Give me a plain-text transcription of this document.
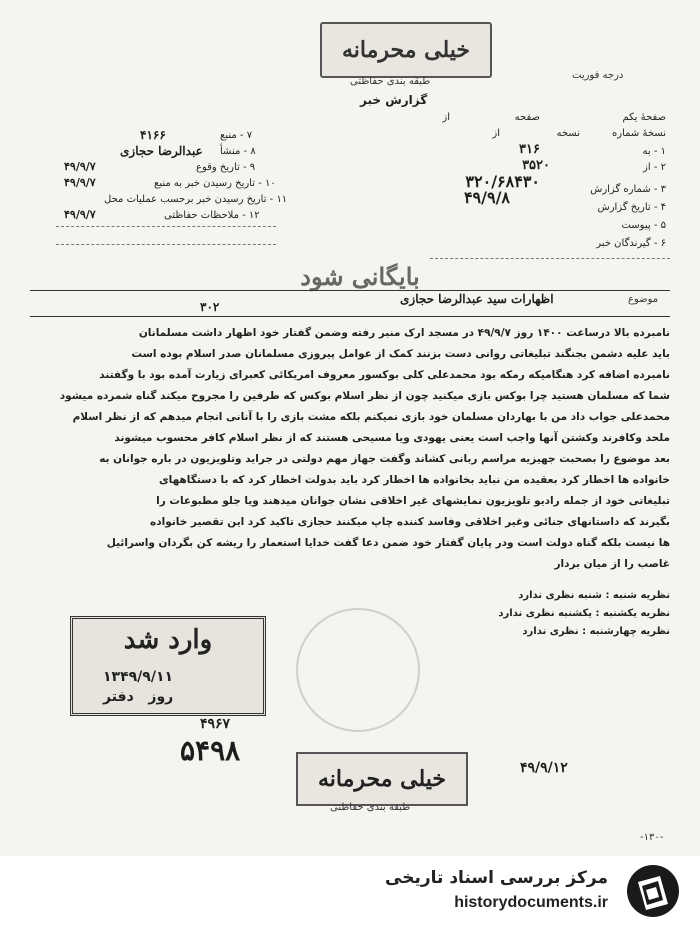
خیلی محرمانه
طبقه بندی حفاظتی
گزارش خبر
درجه فوریت
صفحهٔ یکم
از	صفحه
نسخهٔ شماره
از	نسخه
۱ - به
۳۱۶
۲ - از
۳۵۲۰
۳ - شماره گزارش
۳۲۰/۶۸۴۳۰
۴ - تاریخ گزارش
۴۹/۹/۸
۵ - پیوست
۶ - گیرندگان خبر
۷ - منبع
۴۱۶۶
۸ - منشأ
عبدالرضا حجازی
۹ - تاریخ وقوع
۴۹/۹/۷
۱۰ - تاریخ رسیدن خبر به منبع
۴۹/۹/۷
۱۱ - تاریخ رسیدن خبر برحسب عملیات محل
۱۲ - ملاحظات حفاظتی
۴۹/۹/۷
بایگانی شود
موضوع
اظهارات سید عبدالرضا حجازی
۳۰۲
نامبرده بالا درساعت ۱۴۰۰ روز ۴۹/۹/۷ در مسجد ارک منبر رفته وضمن گفتار خود اظهار داشت مسلمانان
باید علیه دشمن بجنگند تبلیغاتی روانی دست بزنند کمک از عوامل پیروزی مسلمانان صدر اسلام بوده است
نامبرده اضافه کرد هنگامیکه رمکه بود محمدعلی کلی بوکسور معروف امریکائی کعبرای زیارت آمده بود با وگفتند
شما که مسلمان هستید چرا بوکس بازی میکنید چون از نظر اسلام بوکس که طرفین را مجروح میکند گناه شمرده میشود
محمدعلی جواب داد من با بهاردان مسلمان خود بازی نمیکنم بلکه مشت بازی را با آنانی انجام میدهم که از نظر اسلام
ملحد وکافرند وکشتن آنها واجب است یعنی یهودی ویا مسیحی هستند که از نظر اسلام کافر محسوب میشوند
بعد موضوع را بصحبت جهیزیه مراسم ربانی کشاند وگفت جهاز مهم دولتی در جراید وتلویزیون در باره جوانان به
خانواده ها اخطار کرد بعقیده من نباید بخانواده ها اخطار کرد باید بدولت اخطار کرد که با دستگاههای
تبلیغاتی خود از جمله رادیو تلویزیون نمایشهای غیر اخلاقی نشان جوانان میدهند ویا جلو مطبوعات را
بگیرند که داستانهای جنائی وغیر اخلاقی وفاسد کننده چاپ میکنند حجازی تاکید کرد این تقصیر خانواده
ها نیست بلکه گناه دولت است ودر پایان گفتار خود ضمن دعا گفت خدایا استعمار را ریشه کن بگردان واسرائیل
غاصب را از میان بردار
نظریه شنبه : شنبه نظری ندارد
نظریه یکشنبه : یکشنبه نظری ندارد
نظریه چهارشنبه : نظری ندارد
وارد شد
۱۳۴۹/۹/۱۱
روز   دفتر
۴۹۶۷
۵۴۹۸
۴۹/۹/۱۲
خیلی محرمانه
طبقه بندی حفاظتی
-۱۳۰-
مرکز بررسی اسناد تاریخی
historydocuments.ir
